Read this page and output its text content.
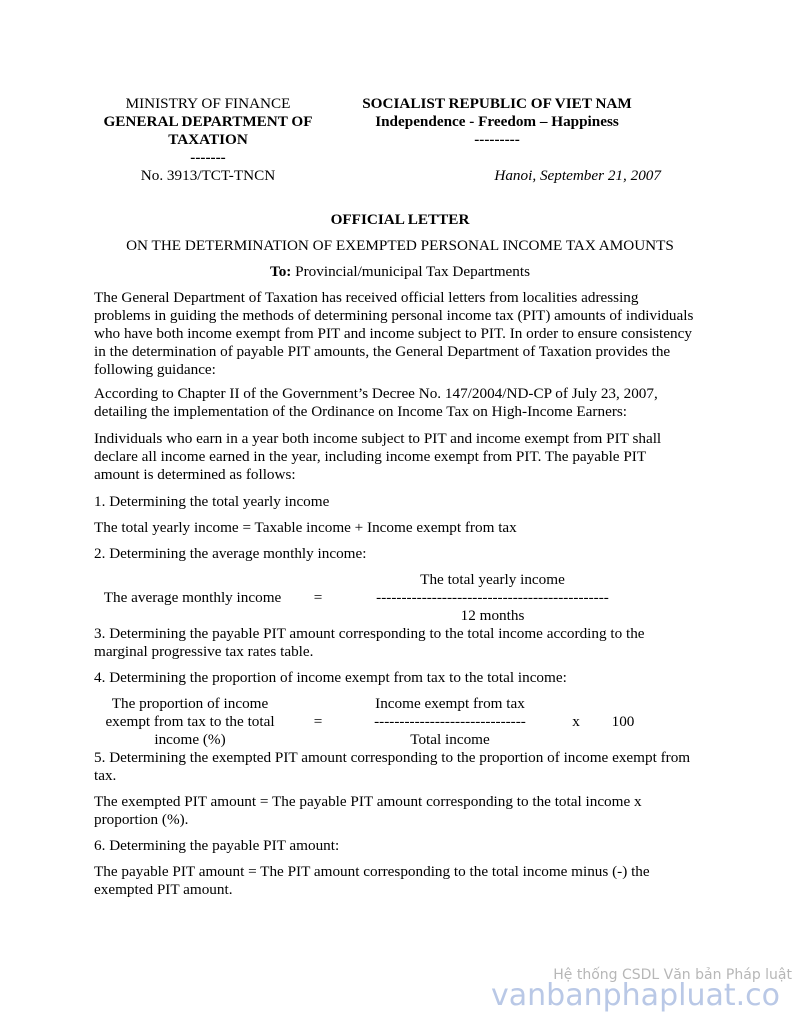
MINISTRY OF FINANCE
GENERAL DEPARTMENT OF
TAXATION
-------
SOCIALIST REPUBLIC OF VIET NAM
Independence - Freedom – Happiness
---------
No. 3913/TCT-TNCN	Hanoi, September 21, 2007
OFFICIAL LETTER
ON THE DETERMINATION OF EXEMPTED PERSONAL INCOME TAX AMOUNTS
To: Provincial/municipal Tax Departments
The General Department of Taxation has received official letters from localities adressing problems in guiding the methods of determining personal income tax (PIT) amounts of individuals who have both income exempt from PIT and income subject to PIT. In order to ensure consistency in the determination of payable PIT amounts, the General Department of Taxation provides the following guidance:
According to Chapter II of the Government’s Decree No. 147/2004/ND-CP of July 23, 2007, detailing the implementation of the Ordinance on Income Tax on High-Income Earners:
Individuals who earn in a year both income subject to PIT and income exempt from PIT shall declare all income earned in the year, including income exempt from PIT. The payable PIT amount is determined as follows:
1. Determining the total yearly income
The total yearly income = Taxable income + Income exempt from tax
2. Determining the average monthly income:
The average monthly income	=
The total yearly income
----------------------------------------------
12 months
3. Determining the payable PIT amount corresponding to the total income according to the marginal progressive tax rates table.
4. Determining the proportion of income exempt from tax to the total income:
The proportion of income
exempt from tax to the total
income (%)
=
Income exempt from tax
------------------------------
Total income
x	100
5. Determining the exempted PIT amount corresponding to the proportion of income exempt from tax.
The exempted PIT amount = The payable PIT amount corresponding to the total income x proportion (%).
6. Determining the payable PIT amount:
The payable PIT amount = The PIT amount corresponding to the total income minus (-) the exempted PIT amount.
Hệ thống CSDL Văn bản Pháp luật
vanbanphapluat.co
